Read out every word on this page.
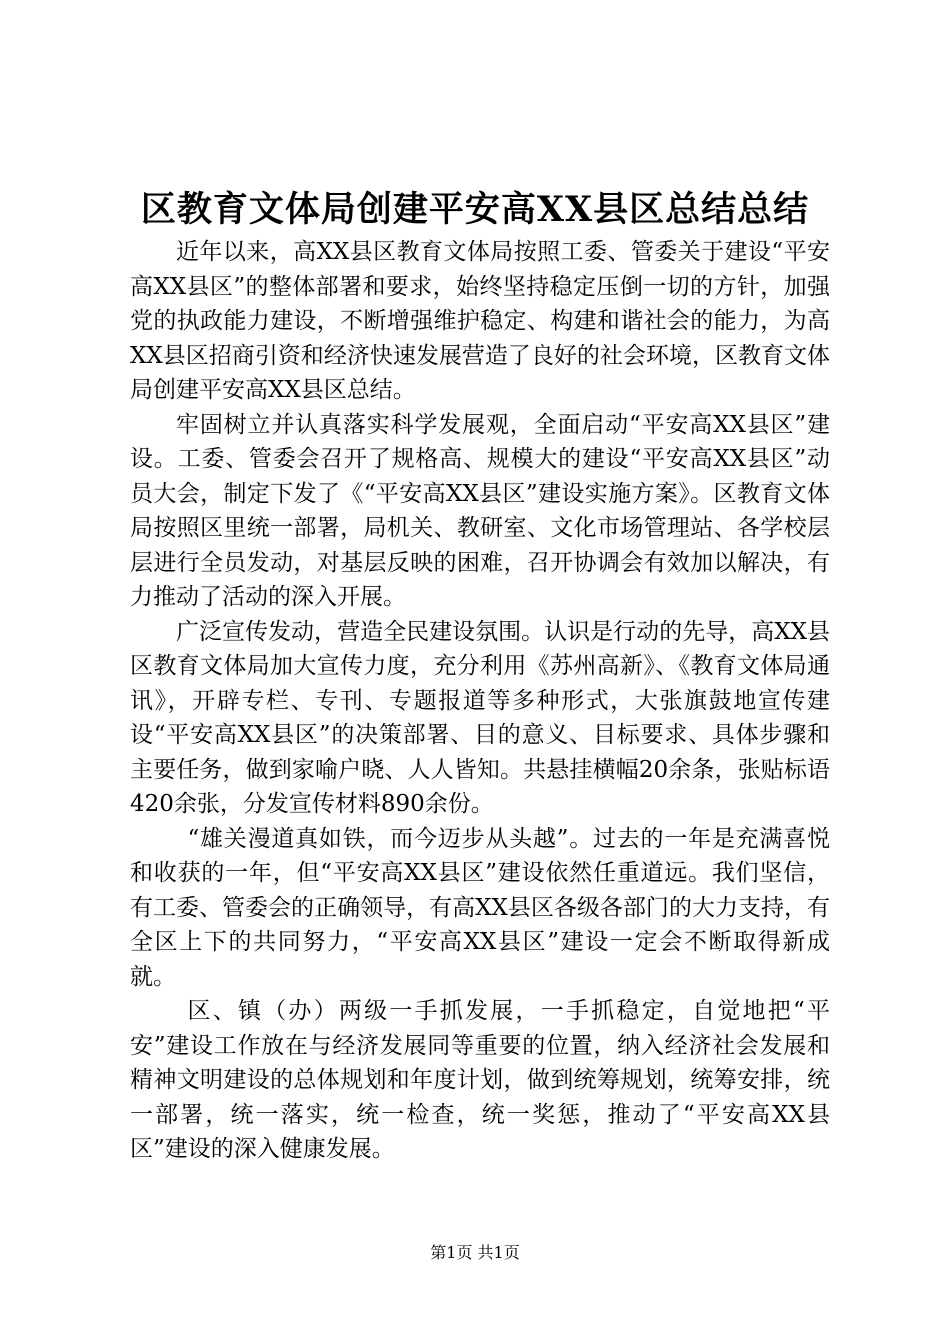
区教育文体局创建平安高XX县区总结总结

近年以来，高XX县区教育文体局按照工委、管委关于建设“平安高XX县区”的整体部署和要求，始终坚持稳定压倒一切的方针，加强党的执政能力建设，不断增强维护稳定、构建和谐社会的能力，为高XX县区招商引资和经济快速发展营造了良好的社会环境，区教育文体局创建平安高XX县区总结。

牢固树立并认真落实科学发展观，全面启动“平安高XX县区”建设。工委、管委会召开了规格高、规模大的建设“平安高XX县区”动员大会，制定下发了《“平安高XX县区”建设实施方案》。区教育文体局按照区里统一部署，局机关、教研室、文化市场管理站、各学校层层进行全员发动，对基层反映的困难，召开协调会有效加以解决，有力推动了活动的深入开展。

广泛宣传发动，营造全民建设氛围。认识是行动的先导，高XX县区教育文体局加大宣传力度，充分利用《苏州高新》、《教育文体局通讯》，开辟专栏、专刊、专题报道等多种形式，大张旗鼓地宣传建设“平安高XX县区”的决策部署、目的意义、目标要求、具体步骤和主要任务，做到家喻户晓、人人皆知。共悬挂横幅20余条，张贴标语420余张，分发宣传材料890余份。

“雄关漫道真如铁，而今迈步从头越”。过去的一年是充满喜悦和收获的一年，但“平安高XX县区”建设依然任重道远。我们坚信，有工委、管委会的正确领导，有高XX县区各级各部门的大力支持，有全区上下的共同努力，“平安高XX县区”建设一定会不断取得新成就。

区、镇（办）两级一手抓发展，一手抓稳定，自觉地把“平安”建设工作放在与经济发展同等重要的位置，纳入经济社会发展和精神文明建设的总体规划和年度计划，做到统筹规划，统筹安排，统一部署，统一落实，统一检查，统一奖惩，推动了“平安高XX县区”建设的深入健康发展。

第1页 共1页
